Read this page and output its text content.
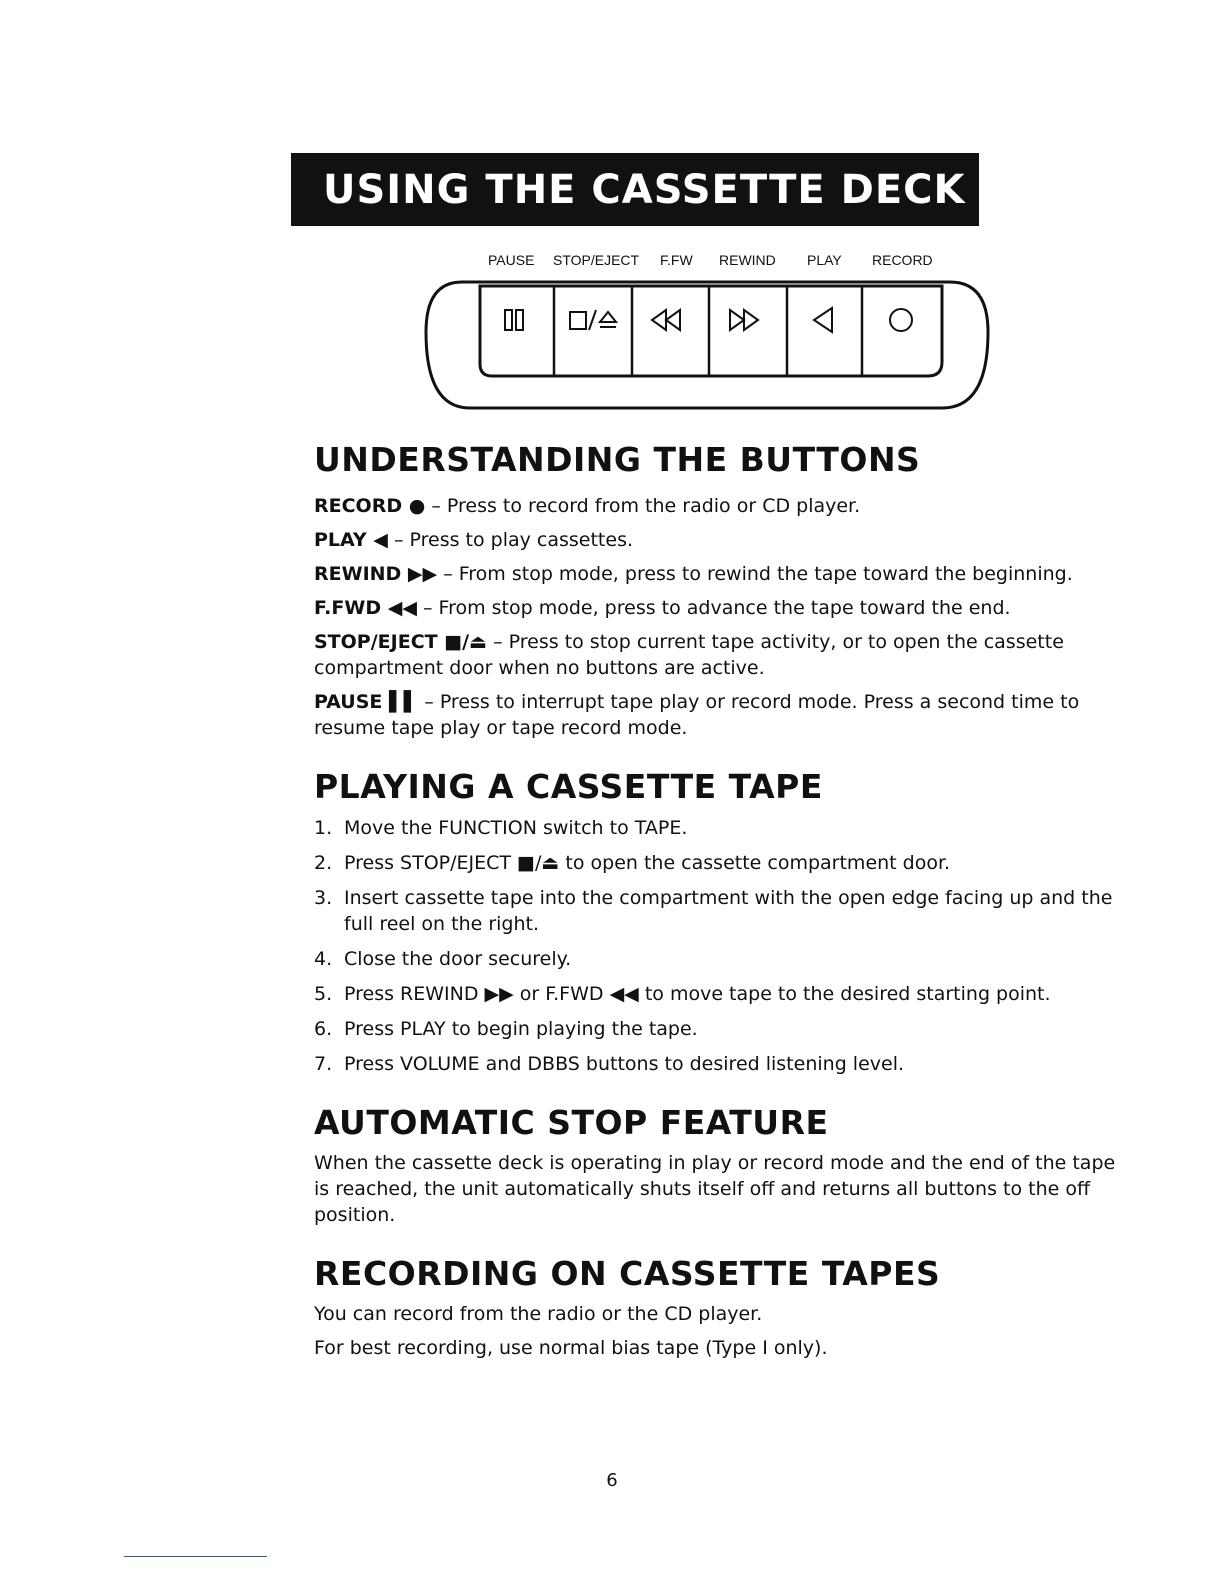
USING THE CASSETTE DECK
PAUSE STOP/EJECT F.FW REWIND PLAY RECORD
UNDERSTANDING THE BUTTONS

RECORD ● – Press to record from the radio or CD player.

PLAY ◀ – Press to play cassettes.

REWIND ▶▶ – From stop mode, press to rewind the tape toward the beginning.

F.FWD ◀◀ – From stop mode, press to advance the tape toward the end.

STOP/EJECT ■/⏏ – Press to stop current tape activity, or to open the cassette compartment door when no buttons are active.

PAUSE ▌▌ – Press to interrupt tape play or record mode. Press a second time to resume tape play or tape record mode.

PLAYING A CASSETTE TAPE
1. Move the FUNCTION switch to TAPE.
2. Press STOP/EJECT ■/⏏ to open the cassette compartment door.
3. Insert cassette tape into the compartment with the open edge facing up and the full reel on the right.
4. Close the door securely.
5. Press REWIND ▶▶ or F.FWD ◀◀ to move tape to the desired starting point.
6. Press PLAY to begin playing the tape.
7. Press VOLUME and DBBS buttons to desired listening level.
AUTOMATIC STOP FEATURE

When the cassette deck is operating in play or record mode and the end of the tape is reached, the unit automatically shuts itself off and returns all buttons to the off position.

RECORDING ON CASSETTE TAPES

You can record from the radio or the CD player.

For best recording, use normal bias tape (Type I only).

6
